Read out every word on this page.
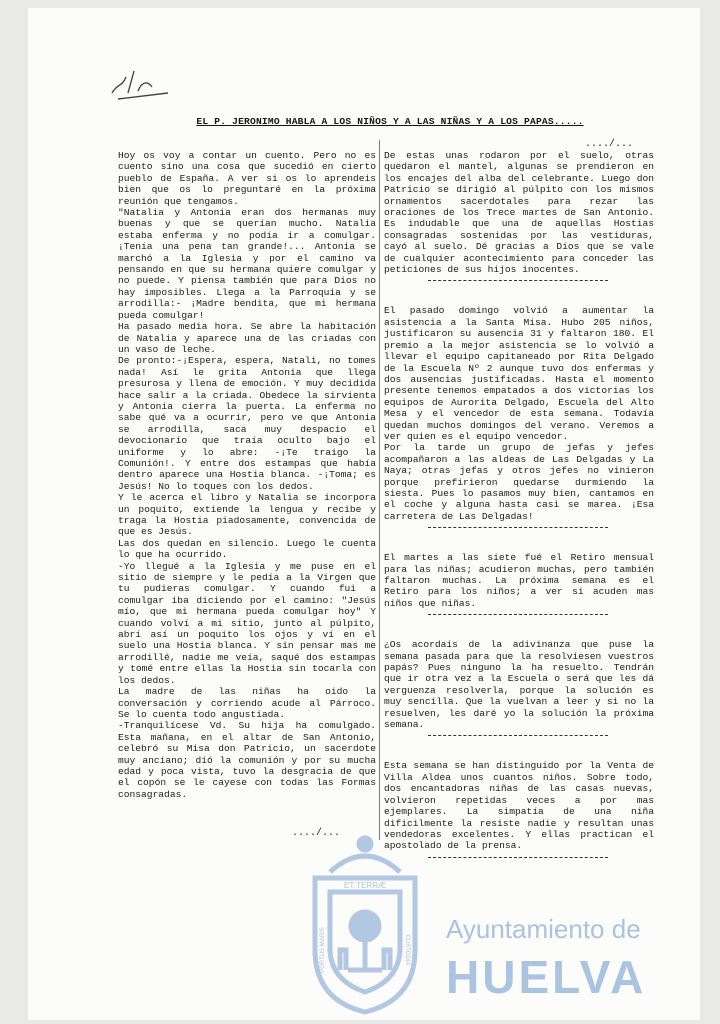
EL P. JERONIMO HABLA A LOS NIÑOS Y A LAS NIÑAS Y A LOS PAPAS.....
..../...

Hoy os voy a contar un cuento. Pero no es cuento sino una cosa que sucedió en cierto pueblo de España. A ver si os lo aprendeis bien que os lo preguntaré en la próxima reunión que tengamos.

"Natalia y Antonia eran dos hermanas muy buenas y que se querían mucho. Natalia estaba enferma y no podía ir a comulgar. ¡Tenía una pena tan grande!... Antonia se marchó a la Iglesia y por el camino va pensando en que su hermana quiere comulgar y no puede. Y piensa también que para Dios no hay imposibles. Llega a la Parroquia y se arrodilla:- ¡Madre bendita, que mi hermana pueda comulgar!

Ha pasado media hora. Se abre la habitación de Natalia y aparece una de las criadas con un vaso de leche.

De pronto:-¡Espera, espera, Natali, no tomes nada! Así le grita Antonia que llega presurosa y llena de emoción. Y muy decidida hace salir a la criada. Obedece la sirvienta y Antonia cierra la puerta. La enferma no sabe qué va a ocurrir, pero ve que Antonia se arrodilla, saca muy despacio el devocionario que traía oculto bajo el uniforme y lo abre: -¡Te traigo la Comunión!. Y entre dos estampas que había dentro aparece una Hostia blanca. -¡Toma; es Jesús! No lo toques con los dedos.

Y le acerca el libro y Natalia se incorpora un poquito, extiende la lengua y recibe y traga la Hostia piadosamente, convencida de que es Jesús.

Las dos quedan en silencio. Luego le cuenta lo que ha ocurrido.

-Yo llegué a la Iglesia y me puse en el sitio de siempre y le pedía a la Virgen que tu pudieras comulgar. Y cuando fui a comulgar iba diciendo por el camino: "Jesús mío, que mi hermana pueda comulgar hoy" Y cuando volví a mi sitio, junto al púlpito, abrí así un poquito los ojos y ví en el suelo una Hostia blanca. Y sin pensar mas me arrodillé, nadie me veía, saqué dos estampas y tomé entre ellas la Hostia sin tocarla con los dedos.

La madre de las niñas ha oido la conversación y corriendo acude al Párroco. Se lo cuenta todo angustiada.

-Tranquilícese Vd. Su hija ha comulgado. Esta mañana, en el altar de San Antonio, celebró su Misa don Patricio, un sacerdote muy anciano; dió la comunión y por su mucha edad y poca vista, tuvo la desgracia de que el copón se le cayese con todas las Formas consagradas.

De estas unas rodaron por el suelo, otras quedaron el mantel, algunas se prendieron en los encajes del alba del celebrante. Luego don Patricio se dirigió al púlpito con los mismos ornamentos sacerdotales para rezar las oraciones de los Trece martes de San Antonio. Es indudable que una de aquellas Hostias consagradas sostenidas por las vestiduras, cayó al suelo. Dé gracias a Dios que se vale de cualquier acontecimiento para conceder las peticiones de sus hijos inocentes.

El pasado domingo volvió a aumentar la asistencia a la Santa Misa. Hubo 205 niños, justificaron su ausencia 31 y faltaron 180. El premio a la mejor asistencia se lo volvió a llevar el equipo capitaneado por Rita Delgado de la Escuela Nº 2 aunque tuvo dos enfermas y dos ausencias justificadas. Hasta el momento presente tenemos empatados a dos victorias los equipos de Aurorita Delgado, Escuela del Alto Mesa y el vencedor de esta semana. Todavía quedan muchos domingos del verano. Veremos a ver quien es el equipo vencedor.

Por la tarde un grupo de jefas y jefes acompañaron a las aldeas de Las Delgadas y La Naya; otras jefas y otros jefes no vinieron porque prefirieron quedarse durmiendo la siesta. Pues lo pasamos muy bien, cantamos en el coche y alguna hasta casi se marea. ¡Esa carretera de Las Delgadas!

El martes a las siete fué el Retiro mensual para las niñas; acudieron muchas, pero también faltaron muchas. La próxima semana es el Retiro para los niños; a ver si acuden mas niños que niñas.

¿Os acordais de la adivinanza que puse la semana pasada para que la resolviesen vuestros papás? Pues ninguno la ha resuelto. Tendrán que ir otra vez a la Escuela o será que les dá verguenza resolverla, porque la solución es muy sencilla. Que la vuelvan a leer y si no la resuelven, les daré yo la solución la próxima semana.

Esta semana se han distinguido por la Venta de Villa Aldea unos cuantos niños. Sobre todo, dos encantadoras niñas de las casas nuevas, volvieron repetidas veces a por mas ejemplares. La simpatía de una niña dificilmente la resiste nadie y resultan unas vendedoras excelentes. Y ellas practican el apostolado de la prensa.

..../...
ET TERRÆ
PORTUS MARIS	CUSTODIA
Ayuntamiento de
HUELVA
